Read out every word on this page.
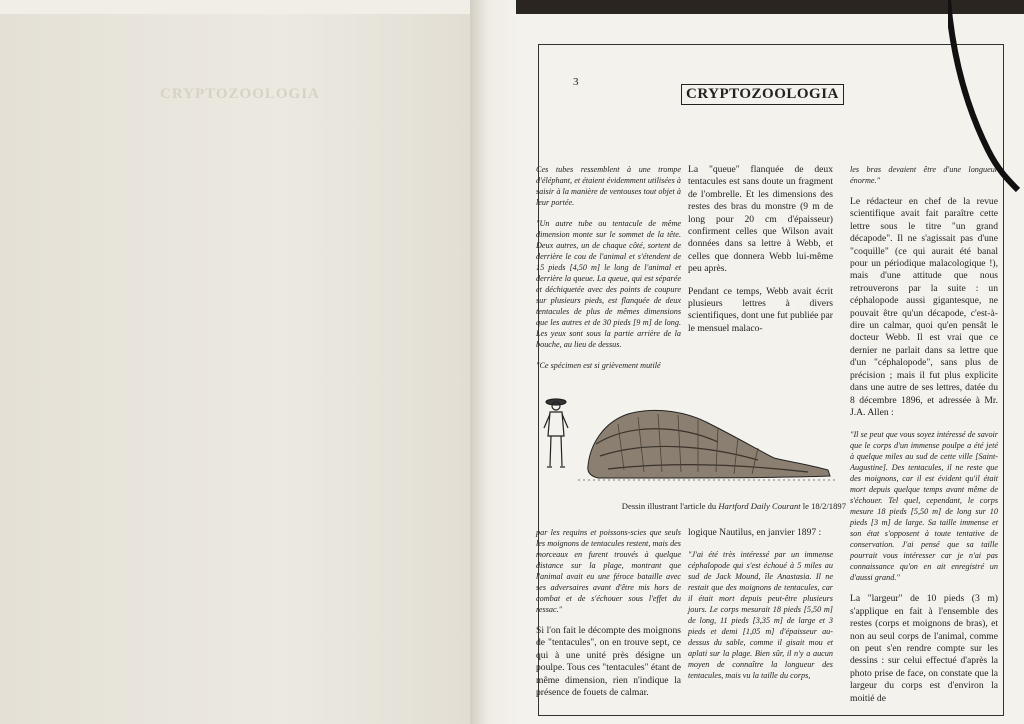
CRYPTOZOOLOGIA
3
CRYPTOZOOLOGIA

Ces tubes ressemblent à une trompe d'éléphant, et étaient évidemment utilisées à saisir à la manière de ventouses tout objet à leur portée.

"Un autre tube ou tentacule de même dimension monte sur le sommet de la tête. Deux autres, un de chaque côté, sortent de derrière le cou de l'animal et s'étendent de 15 pieds [4,50 m] le long de l'animal et derrière la queue. La queue, qui est séparée et déchiquetée avec des points de coupure sur plusieurs pieds, est flanquée de deux tentacules de plus de mêmes dimensions que les autres et de 30 pieds [9 m] de long. Les yeux sont sous la partie arrière de la bouche, au lieu de dessus.

"Ce spécimen est si grièvement mutilé

La "queue" flanquée de deux tentacules est sans doute un fragment de l'ombrelle. Et les dimensions des restes des bras du monstre (9 m de long pour 20 cm d'épaisseur) confirment celles que Wilson avait données dans sa lettre à Webb, et celles que donnera Webb lui-même peu après.

Pendant ce temps, Webb avait écrit plusieurs lettres à divers scientifiques, dont une fut publiée par le mensuel malaco-

les bras devaient être d'une longueur énorme."

Le rédacteur en chef de la revue scientifique avait fait paraître cette lettre sous le titre "un grand décapode". Il ne s'agissait pas d'une "coquille" (ce qui aurait été banal pour un périodique malacologique !), mais d'une attitude que nous retrouverons par la suite : un céphalopode aussi gigantesque, ne pouvait être qu'un décapode, c'est-à-dire un calmar, quoi qu'en pensât le docteur Webb. Il est vrai que ce dernier ne parlait dans sa lettre que d'un "céphalopode", sans plus de précision ; mais il fut plus explicite dans une autre de ses lettres, datée du 8 décembre 1896, et adressée à Mr. J.A. Allen :

"Il se peut que vous soyez intéressé de savoir que le corps d'un immense poulpe a été jeté à quelque miles au sud de cette ville [Saint-Augustine]. Des tentacules, il ne reste que des moignons, car il est évident qu'il était mort depuis quelque temps avant même de s'échouer. Tel quel, cependant, le corps mesure 18 pieds [5,50 m] de long sur 10 pieds [3 m] de large. Sa taille immense et son état s'opposent à toute tentative de conservation. J'ai pensé que sa taille pourrait vous intéresser car je n'ai pas connaissance qu'on en ait enregistré un d'aussi grand."

La "largeur" de 10 pieds (3 m) s'applique en fait à l'ensemble des restes (corps et moignons de bras), et non au seul corps de l'animal, comme on peut s'en rendre compte sur les dessins : sur celui effectué d'après la photo prise de face, on constate que la largeur du corps est d'environ la moitié de

Dessin illustrant l'article du Hartford Daily Courant le 18/2/1897

par les requins et poissons-scies que seuls les moignons de tentacules restent, mais des morceaux en furent trouvés à quelque distance sur la plage, montrant que l'animal avait eu une féroce bataille avec ses adversaires avant d'être mis hors de combat et de s'échouer sous l'effet du ressac."

Si l'on fait le décompte des moignons de "tentacules", on en trouve sept, ce qui à une unité près désigne un poulpe. Tous ces "tentacules" étant de même dimension, rien n'indique la présence de fouets de calmar.

logique Nautilus, en janvier 1897 :

"J'ai été très intéressé par un immense céphalopode qui s'est échoué à 5 miles au sud de Jack Mound, île Anastasia. Il ne restait que des moignons de tentacules, car il était mort depuis peut-être plusieurs jours. Le corps mesurait 18 pieds [5,50 m] de long, 11 pieds [3,35 m] de large et 3 pieds et demi [1,05 m] d'épaisseur au-dessus du sable, comme il gisait mou et aplati sur la plage. Bien sûr, il n'y a aucun moyen de connaître la longueur des tentacules, mais vu la taille du corps,
